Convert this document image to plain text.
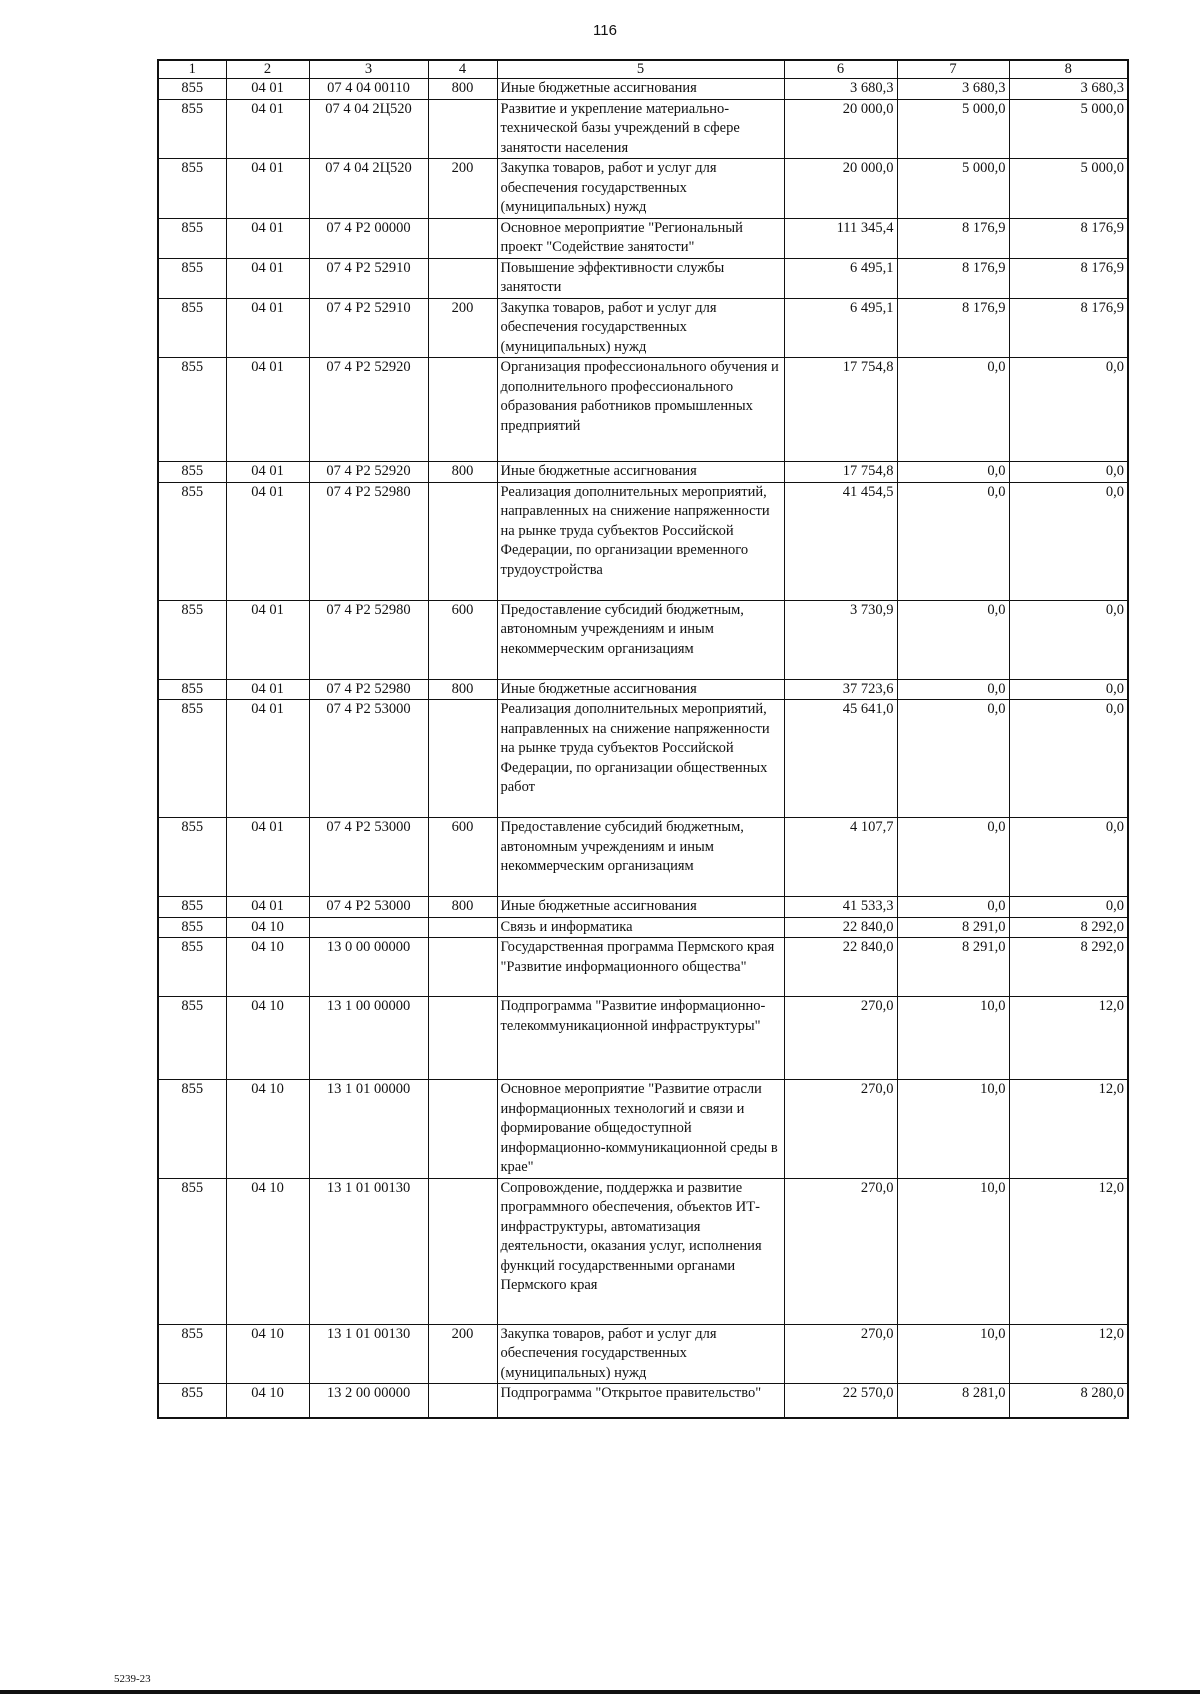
116
1	2	3	4	5	6	7	8
855	04 01	07 4 04 00110	800	Иные бюджетные ассигнования	3 680,3	3 680,3	3 680,3
855	04 01	07 4 04 2Ц520		Развитие и укрепление материально-технической базы учреждений в сфере занятости населения	20 000,0	5 000,0	5 000,0
855	04 01	07 4 04 2Ц520	200	Закупка товаров, работ и услуг для обеспечения государственных (муниципальных) нужд	20 000,0	5 000,0	5 000,0
855	04 01	07 4 P2 00000		Основное мероприятие "Региональный проект "Содействие занятости"	111 345,4	8 176,9	8 176,9
855	04 01	07 4 P2 52910		Повышение эффективности службы занятости	6 495,1	8 176,9	8 176,9
855	04 01	07 4 P2 52910	200	Закупка товаров, работ и услуг для обеспечения государственных (муниципальных) нужд	6 495,1	8 176,9	8 176,9
855	04 01	07 4 P2 52920		Организация профессионального обучения и дополнительного профессионального образования работников промышленных предприятий	17 754,8	0,0	0,0
855	04 01	07 4 P2 52920	800	Иные бюджетные ассигнования	17 754,8	0,0	0,0
855	04 01	07 4 P2 52980		Реализация дополнительных мероприятий, направленных на снижение напряженности на рынке труда субъектов Российской Федерации, по организации временного трудоустройства	41 454,5	0,0	0,0
855	04 01	07 4 P2 52980	600	Предоставление субсидий бюджетным, автономным учреждениям и иным некоммерческим организациям	3 730,9	0,0	0,0
855	04 01	07 4 P2 52980	800	Иные бюджетные ассигнования	37 723,6	0,0	0,0
855	04 01	07 4 P2 53000		Реализация дополнительных мероприятий, направленных на снижение напряженности на рынке труда субъектов Российской Федерации, по организации общественных работ	45 641,0	0,0	0,0
855	04 01	07 4 P2 53000	600	Предоставление субсидий бюджетным, автономным учреждениям и иным некоммерческим организациям	4 107,7	0,0	0,0
855	04 01	07 4 P2 53000	800	Иные бюджетные ассигнования	41 533,3	0,0	0,0
855	04 10			Связь и информатика	22 840,0	8 291,0	8 292,0
855	04 10	13 0 00 00000		Государственная программа Пермского края "Развитие информационного общества"	22 840,0	8 291,0	8 292,0
855	04 10	13 1 00 00000		Подпрограмма "Развитие информационно-телекоммуникационной инфраструктуры"	270,0	10,0	12,0
855	04 10	13 1 01 00000		Основное мероприятие "Развитие отрасли информационных технологий и связи и формирование общедоступной информационно-коммуникационной среды в крае"	270,0	10,0	12,0
855	04 10	13 1 01 00130		Сопровождение, поддержка и развитие программного обеспечения, объектов ИТ-инфраструктуры, автоматизация деятельности, оказания услуг, исполнения функций государственными органами Пермского края	270,0	10,0	12,0
855	04 10	13 1 01 00130	200	Закупка товаров, работ и услуг для обеспечения государственных (муниципальных) нужд	270,0	10,0	12,0
855	04 10	13 2 00 00000		Подпрограмма "Открытое правительство"	22 570,0	8 281,0	8 280,0
5239-23
